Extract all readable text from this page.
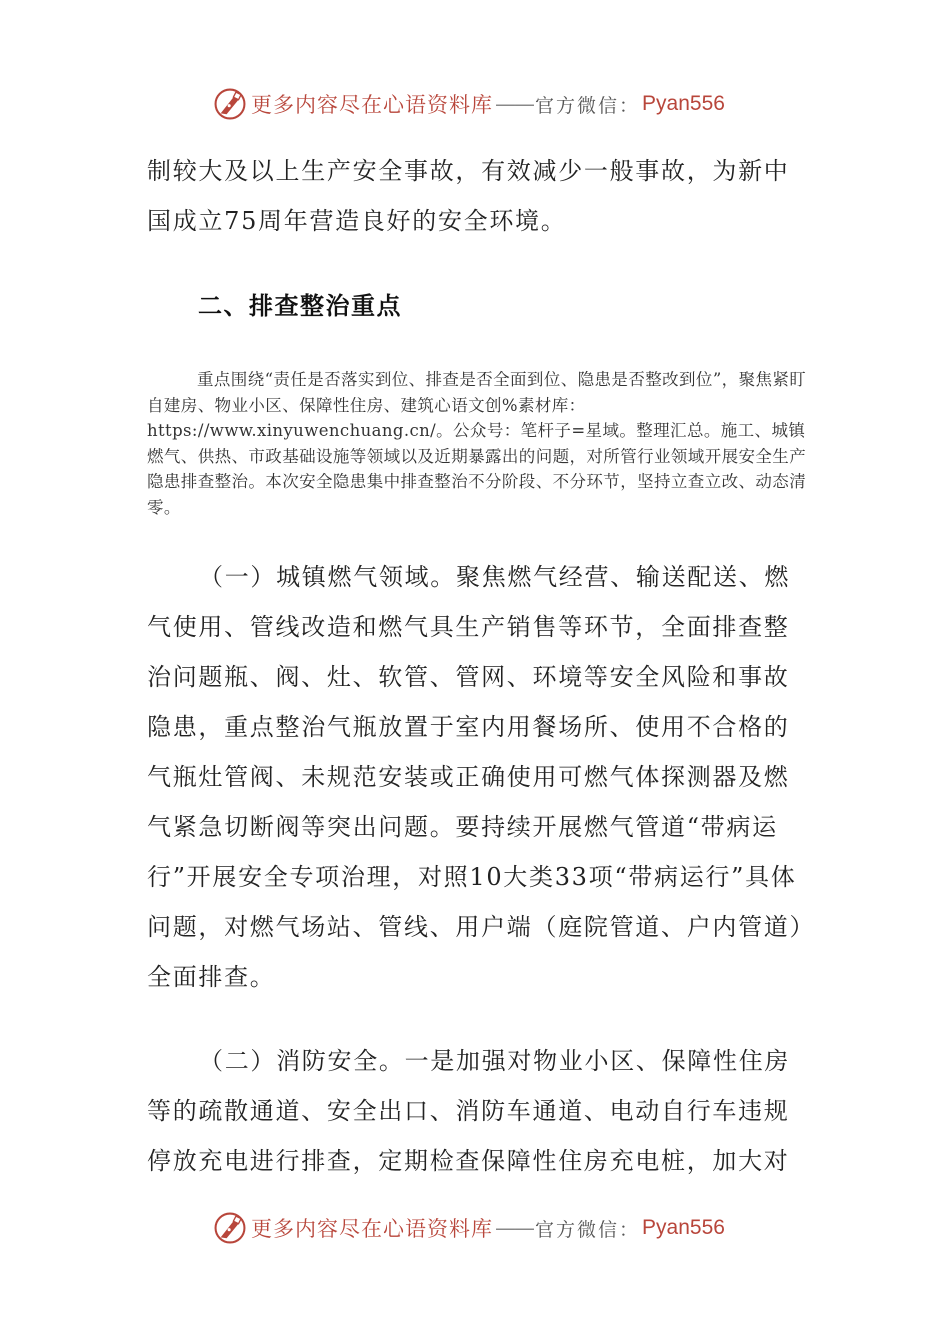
更多内容尽在心语资料库 —— 官方微信： Pyan556

制较大及以上生产安全事故，有效减少一般事故，为新中国成立75周年营造良好的安全环境。

二、排查整治重点

重点围绕“责任是否落实到位、排查是否全面到位、隐患是否整改到位”，聚焦紧盯自建房、物业小区、保障性住房、建筑心语文创%素材库：https://www.xinyuwenchuang.cn/。公众号：笔杆子=星域。整理汇总。施工、城镇燃气、供热、市政基础设施等领域以及近期暴露出的问题，对所管行业领域开展安全生产隐患排查整治。本次安全隐患集中排查整治不分阶段、不分环节，坚持立查立改、动态清零。

（一）城镇燃气领域。聚焦燃气经营、输送配送、燃气使用、管线改造和燃气具生产销售等环节，全面排查整治问题瓶、阀、灶、软管、管网、环境等安全风险和事故隐患，重点整治气瓶放置于室内用餐场所、使用不合格的气瓶灶管阀、未规范安装或正确使用可燃气体探测器及燃气紧急切断阀等突出问题。要持续开展燃气管道“带病运行”开展安全专项治理，对照10大类33项“带病运行”具体问题，对燃气场站、管线、用户端（庭院管道、户内管道）全面排查。

（二）消防安全。一是加强对物业小区、保障性住房等的疏散通道、安全出口、消防车通道、电动自行车违规停放充电进行排查，定期检查保障性住房充电桩，加大对

更多内容尽在心语资料库 —— 官方微信： Pyan556
